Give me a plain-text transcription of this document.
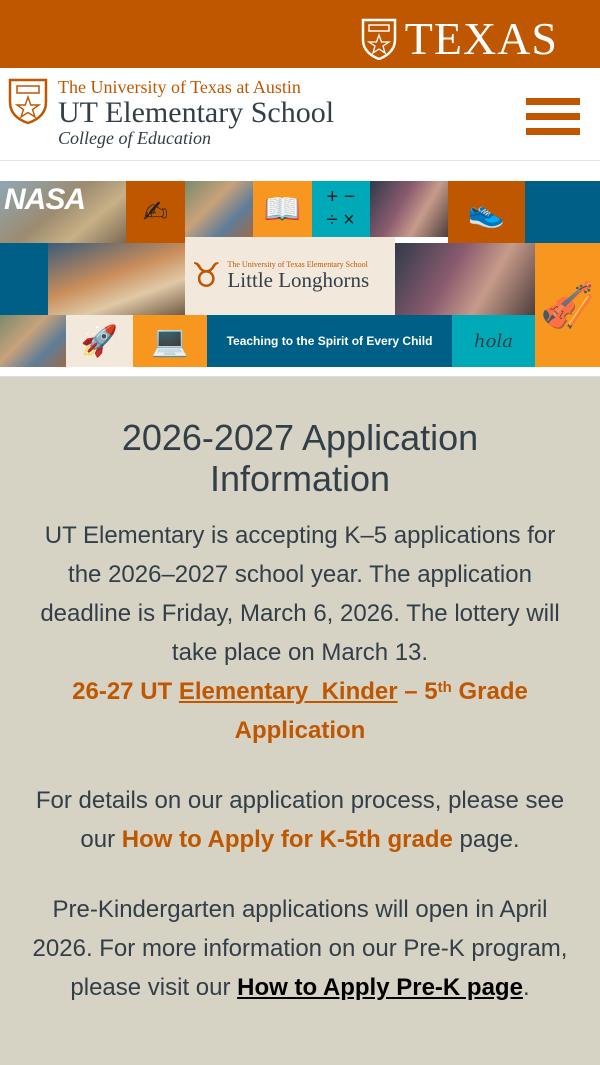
TEXAS
The University of Texas at Austin
UT Elementary School
College of Education
NASA	✍	📖	+ −
÷ ×	👟
♉ The University of Texas Elementary School
Little Longhorns
🎻
🚀	💻	Teaching to the Spirit of Every Child	hola
2026-2027 Application Information

UT Elementary is accepting K–5 applications for the 2026–2027 school year. The application deadline is Friday, March 6, 2026. The lottery will take place on March 13.

26-27 UT Elementary  Kinder – 5th Grade Application

For details on our application process, please see our How to Apply for K-5th grade page.

Pre-Kindergarten applications will open in April 2026. For more information on our Pre-K program, please visit our How to Apply Pre-K page.
